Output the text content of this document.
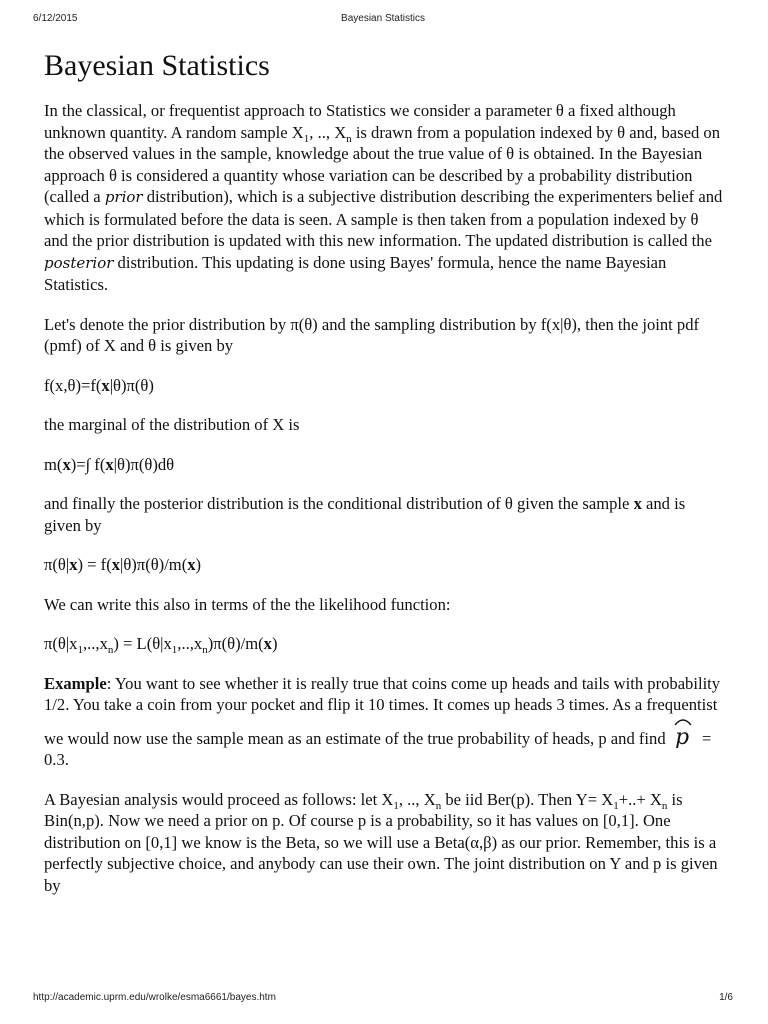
6/12/2015	Bayesian Statistics
Bayesian Statistics

In the classical, or frequentist approach to Statistics we consider a parameter θ a fixed although unknown quantity. A random sample $X_1$, .., $X_n$ is drawn from a population indexed by θ and, based on the observed values in the sample, knowledge about the true value of θ is obtained. In the Bayesian approach θ is considered a quantity whose variation can be described by a probability distribution (called a prior distribution), which is a subjective distribution describing the experimenters belief and which is formulated before the data is seen. A sample is then taken from a population indexed by θ and the prior distribution is updated with this new information. The updated distribution is called the posterior distribution. This updating is done using Bayes' formula, hence the name Bayesian Statistics.

Let's denote the prior distribution by π(θ) and the sampling distribution by f(x|θ), then the joint pdf (pmf) of X and θ is given by

f(x,θ)=f(x|θ)π(θ)

the marginal of the distribution of X is

m(x)=∫ f(x|θ)π(θ)dθ

and finally the posterior distribution is the conditional distribution of θ given the sample x and is given by

π(θ|x) = f(x|θ)π(θ)/m(x)

We can write this also in terms of the the likelihood function:

$\pi(\theta|x_1,..,x_n) = L(\theta|x_1,..,x_n)\pi(\theta)/m(x)$

Example: You want to see whether it is really true that coins come up heads and tails with probability 1/2. You take a coin from your pocket and flip it 10 times. It comes up heads 3 times. As a frequentist we would now use the sample mean as an estimate of the true probability of heads, p and find p = 0.3.

A Bayesian analysis would proceed as follows: let $X_1$, .., $X_n$ be iid Ber(p). Then $Y= X_1+..+ X_n$ is Bin(n,p). Now we need a prior on p. Of course p is a probability, so it has values on [0,1]. One distribution on [0,1] we know is the Beta, so we will use a Beta(α,β) as our prior. Remember, this is a perfectly subjective choice, and anybody can use their own. The joint distribution on Y and p is given by

http://academic.uprm.edu/wrolke/esma6661/bayes.htm	1/6
